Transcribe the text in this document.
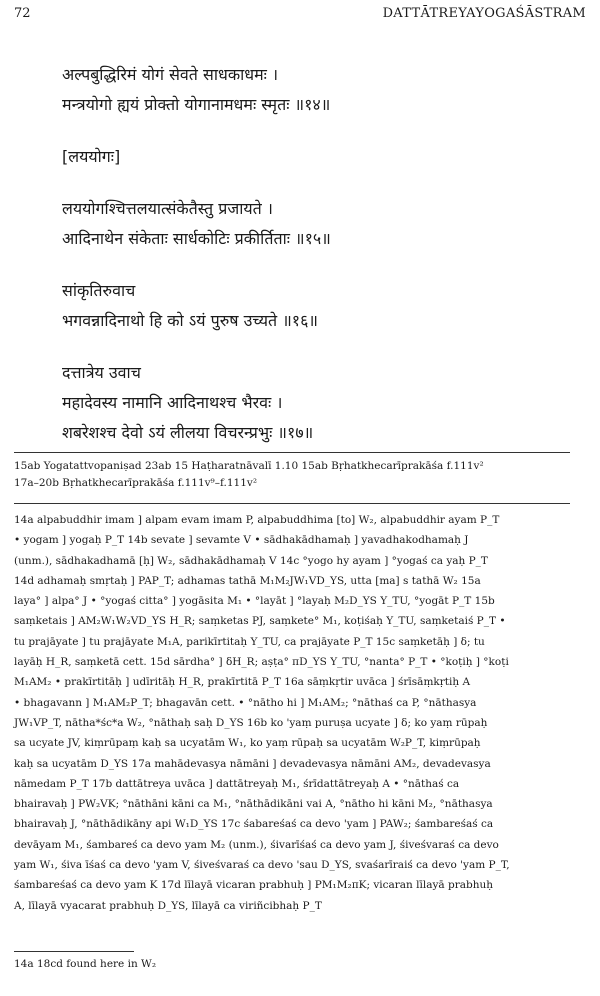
72	DATTĀTREYAYOGAŚĀSTRAM
अल्पबुद्धिरिमं योगं सेवते साधकाधमः ।
मन्त्रयोगो ह्ययं प्रोक्तो योगानामधमः स्मृतः ॥१४॥
[लययोगः]
लययोगश्चित्तलयात्संकेतैस्तु प्रजायते ।
आदिनाथेन संकेताः सार्धकोटिः प्रकीर्तिताः ॥१५॥
सांकृतिरुवाच
भगवन्नादिनाथो हि को ऽयं पुरुष उच्यते ॥१६॥
दत्तात्रेय उवाच
महादेवस्य नामानि आदिनाथश्च भैरवः ।
शबरेशश्च देवो ऽयं लीलया विचरन्प्रभुः ॥१७॥
15ab Yogatattvopaniṣad 23ab 15 Haṭharatnāvalī 1.10 15ab Bṛhatkhecarīprakāśa f.111v²
17a–20b Bṛhatkhecarīprakāśa f.111v⁹–f.111v²
14a alpabuddhir imam ] alpam evam imam P, alpabuddhima [to] W₂, alpabuddhir ayam P_T
• yogam ] yogaḥ P_T 14b sevate ] sevamte V • sādhakādhamaḥ ] yavadhakodhamaḥ J
(unm.), sādhakadhamā [ḥ] W₂, sādhakādhamaḥ V 14c °yogo hy ayam ] °yogaś ca yaḥ P_T
14d adhamaḥ smṛtaḥ ] PAP_T; adhamas tathā M₁M₂JW₁VD_YS, utta [ma] s tathā W₂ 15a
laya° ] alpa° J • °yogaś citta° ] yogāsita M₁ • °layāt ] °layaḥ M₂D_YS Y_TU, °yogāt P_T 15b
saṃketais ] AM₂W₁W₂VD_YS H_R; saṃketas PJ, saṃkete° M₁, koṭiśaḥ Y_TU, saṃketaiś P_T •
tu prajāyate ] tu prajāyate M₁A, parikīrtitaḥ Y_TU, ca prajāyate P_T 15c saṃketāḥ ] δ; tu
layāḥ H_R, saṃketā cett. 15d sārdha° ] δH_R; aṣṭa° πD_YS Y_TU, °nanta° P_T • °koṭiḥ ] °koṭi
M₁AM₂ • prakīrtitāḥ ] udīritāḥ H_R, prakīrtitā P_T 16a sāṃkṛtir uvāca ] śrīsāṃkṛtiḥ A
• bhagavann ] M₁AM₂P_T; bhagavān cett. • °nātho hi ] M₁AM₂; °nāthaś ca P, °nāthasya
JW₁VP_T, nātha*śc*a W₂, °nāthaḥ saḥ D_YS 16b ko 'yaṃ puruṣa ucyate ] δ; ko yaṃ rūpaḥ
sa ucyate JV, kiṃrūpaṃ kaḥ sa ucyatām W₁, ko yaṃ rūpaḥ sa ucyatām W₂P_T, kiṃrūpaḥ
kaḥ sa ucyatām D_YS 17a mahādevasya nāmāni ] devadevasya nāmāni AM₂, devadevasya
nāmedam P_T 17b dattātreya uvāca ] dattātreyaḥ M₁, śrīdattātreyaḥ A • °nāthaś ca
bhairavaḥ ] PW₂VK; °nāthāni kāni ca M₁, °nāthādikāni vai A, °nātho hi kāni M₂, °nāthasya
bhairavaḥ J, °nāthādikāny api W₁D_YS 17c śabareśaś ca devo 'yam ] PAW₂; śambareśaś ca
devāyam M₁, śambareś ca devo yam M₂ (unm.), śivarīśaś ca devo yam J, śiveśvaraś ca devo
yam W₁, śiva īśaś ca devo 'yam V, śiveśvaraś ca devo 'sau D_YS, svaśarīraiś ca devo 'yam P_T,
śambareśaś ca devo yam K 17d līlayā vicaran prabhuḥ ] PM₁M₂πK; vicaran līlayā prabhuḥ
A, līlayā vyacarat prabhuḥ D_YS, līlayā ca viriñcibhaḥ P_T
14a 18cd found here in W₂
